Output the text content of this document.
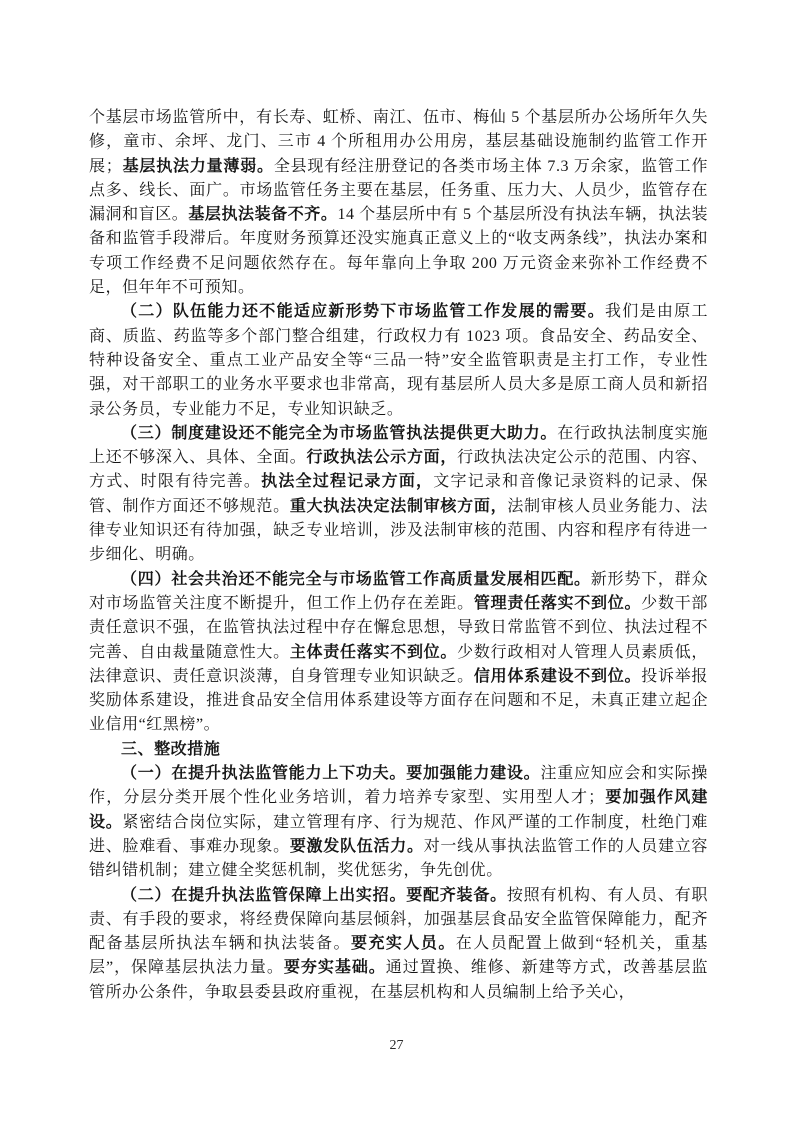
个基层市场监管所中，有长寿、虹桥、南江、伍市、梅仙 5 个基层所办公场所年久失修，童市、余坪、龙门、三市 4 个所租用办公用房，基层基础设施制约监管工作开展；基层执法力量薄弱。全县现有经注册登记的各类市场主体 7.3 万余家，监管工作点多、线长、面广。市场监管任务主要在基层，任务重、压力大、人员少，监管存在漏洞和盲区。基层执法装备不齐。14 个基层所中有 5 个基层所没有执法车辆，执法装备和监管手段滞后。年度财务预算还没实施真正意义上的“收支两条线”，执法办案和专项工作经费不足问题依然存在。每年靠向上争取 200 万元资金来弥补工作经费不足，但年年不可预知。

（二）队伍能力还不能适应新形势下市场监管工作发展的需要。我们是由原工商、质监、药监等多个部门整合组建，行政权力有 1023 项。食品安全、药品安全、特种设备安全、重点工业产品安全等“三品一特”安全监管职责是主打工作，专业性强，对干部职工的业务水平要求也非常高，现有基层所人员大多是原工商人员和新招录公务员，专业能力不足，专业知识缺乏。

（三）制度建设还不能完全为市场监管执法提供更大助力。在行政执法制度实施上还不够深入、具体、全面。行政执法公示方面，行政执法决定公示的范围、内容、方式、时限有待完善。执法全过程记录方面，文字记录和音像记录资料的记录、保管、制作方面还不够规范。重大执法决定法制审核方面，法制审核人员业务能力、法律专业知识还有待加强，缺乏专业培训，涉及法制审核的范围、内容和程序有待进一步细化、明确。

（四）社会共治还不能完全与市场监管工作高质量发展相匹配。新形势下，群众对市场监管关注度不断提升，但工作上仍存在差距。管理责任落实不到位。少数干部责任意识不强，在监管执法过程中存在懈怠思想，导致日常监管不到位、执法过程不完善、自由裁量随意性大。主体责任落实不到位。少数行政相对人管理人员素质低，法律意识、责任意识淡薄，自身管理专业知识缺乏。信用体系建设不到位。投诉举报奖励体系建设，推进食品安全信用体系建设等方面存在问题和不足，未真正建立起企业信用“红黑榜”。

三、整改措施

（一）在提升执法监管能力上下功夫。要加强能力建设。注重应知应会和实际操作，分层分类开展个性化业务培训，着力培养专家型、实用型人才；要加强作风建设。紧密结合岗位实际，建立管理有序、行为规范、作风严谨的工作制度，杜绝门难进、脸难看、事难办现象。要激发队伍活力。对一线从事执法监管工作的人员建立容错纠错机制；建立健全奖惩机制，奖优惩劣，争先创优。

（二）在提升执法监管保障上出实招。要配齐装备。按照有机构、有人员、有职责、有手段的要求，将经费保障向基层倾斜，加强基层食品安全监管保障能力，配齐配备基层所执法车辆和执法装备。要充实人员。在人员配置上做到“轻机关，重基层”，保障基层执法力量。要夯实基础。通过置换、维修、新建等方式，改善基层监管所办公条件，争取县委县政府重视，在基层机构和人员编制上给予关心，

27
